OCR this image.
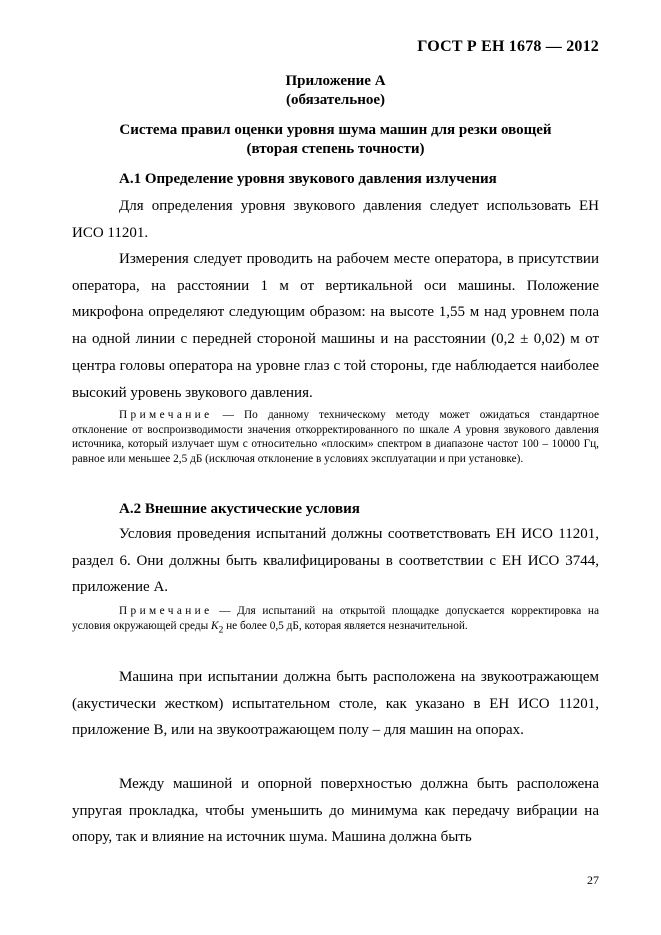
ГОСТ Р ЕН 1678 — 2012
Приложение А
(обязательное)
Система правил оценки уровня шума машин для резки овощей
(вторая степень точности)
А.1 Определение уровня звукового давления излучения
Для определения уровня звукового давления следует использовать ЕН ИСО 11201.
Измерения следует проводить на рабочем месте оператора, в присутствии оператора, на расстоянии 1 м от вертикальной оси машины. Положение микрофона определяют следующим образом: на высоте 1,55 м над уровнем пола на одной линии с передней стороной машины и на расстоянии (0,2 ± 0,02) м от центра головы оператора на уровне глаз с той стороны, где наблюдается наиболее высокий уровень звукового давления.
Примечание — По данному техническому методу может ожидаться стандартное отклонение от воспроизводимости значения откорректированного по шкале A уровня звукового давления источника, который излучает шум с относительно «плоским» спектром в диапазоне частот 100 – 10000 Гц, равное или меньшее 2,5 дБ (исключая отклонение в условиях эксплуатации и при установке).
А.2 Внешние акустические условия
Условия проведения испытаний должны соответствовать ЕН ИСО 11201, раздел 6. Они должны быть квалифицированы в соответствии с ЕН ИСО 3744, приложение А.
Примечание — Для испытаний на открытой площадке допускается корректировка на условия окружающей среды $K_2$ не более 0,5 дБ, которая является незначительной.
Машина при испытании должна быть расположена на звукоотражающем (акустически жестком) испытательном столе, как указано в ЕН ИСО 11201, приложение В, или на звукоотражающем полу – для машин на опорах.
Между машиной и опорной поверхностью должна быть расположена упругая прокладка, чтобы уменьшить до минимума как передачу вибрации на опору, так и влияние на источник шума. Машина должна быть
27
